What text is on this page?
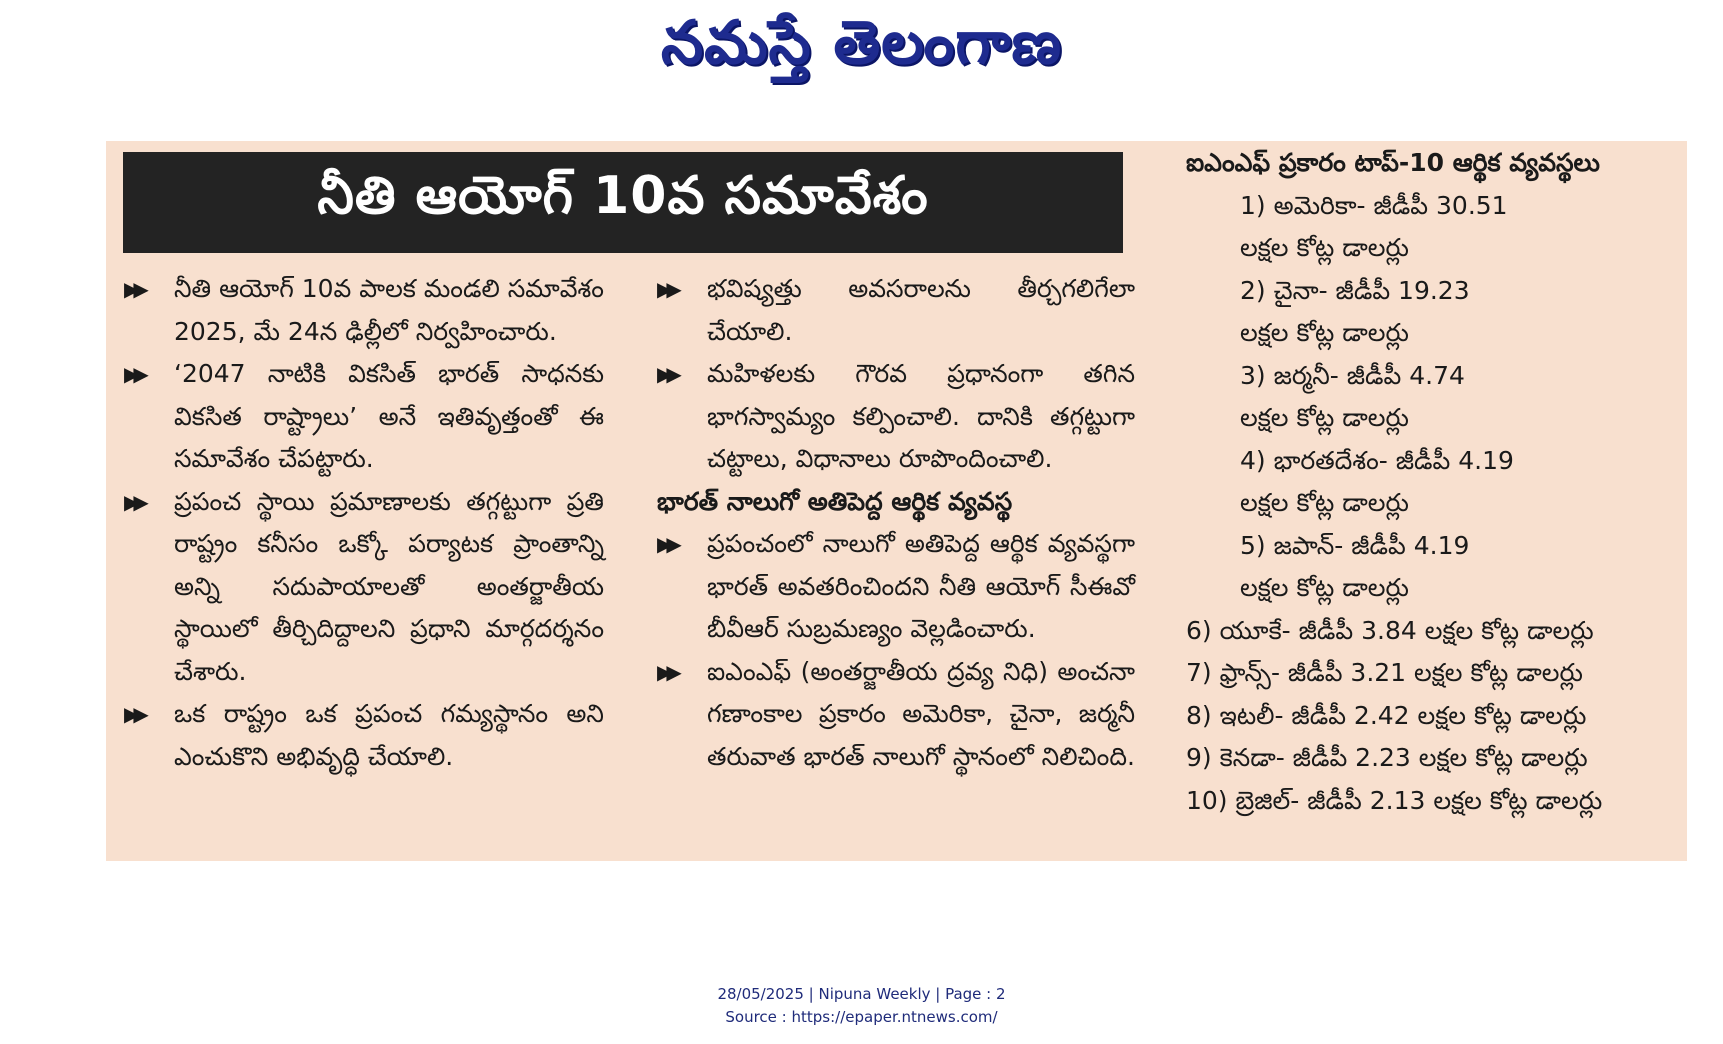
నమస్తే తెలంగాణ
నీతి ఆయోగ్ 10వ సమావేశం
▶▶	నీతి ఆయోగ్ 10వ పాలక మండలి సమావేశం 2025, మే 24న ఢిల్లీలో నిర్వహించారు.
▶▶	‘2047 నాటికి వికసిత్ భారత్ సాధనకు వికసిత రాష్ట్రాలు’ అనే ఇతివృత్తంతో ఈ సమావేశం చేపట్టారు.
▶▶	ప్రపంచ స్థాయి ప్రమాణాలకు తగ్గట్టుగా ప్రతి రాష్ట్రం కనీసం ఒక్కో పర్యాటక ప్రాంతాన్ని అన్ని సదుపాయాలతో అంతర్జాతీయ స్థాయిలో తీర్చిదిద్దాలని ప్రధాని మార్గదర్శనం చేశారు.
▶▶	ఒక రాష్ట్రం ఒక ప్రపంచ గమ్యస్థానం అని ఎంచుకొని అభివృద్ధి చేయాలి.
▶▶	భవిష్యత్తు అవసరాలను తీర్చగలిగేలా చేయాలి.
▶▶	మహిళలకు గౌరవ ప్రధానంగా తగిన భాగస్వామ్యం కల్పించాలి. దానికి తగ్గట్టుగా చట్టాలు, విధానాలు రూపొందించాలి.
భారత్ నాలుగో అతిపెద్ద ఆర్థిక వ్యవస్థ
▶▶	ప్రపంచంలో నాలుగో అతిపెద్ద ఆర్థిక వ్యవస్థగా భారత్ అవతరించిందని నీతి ఆయోగ్ సీఈవో బీవీఆర్ సుబ్రమణ్యం వెల్లడించారు.
▶▶	ఐఎంఎఫ్ (అంతర్జాతీయ ద్రవ్య నిధి) అంచనా గణాంకాల ప్రకారం అమెరికా, చైనా, జర్మనీ తరువాత భారత్ నాలుగో స్థానంలో నిలిచింది.
ఐఎంఎఫ్ ప్రకారం టాప్-10 ఆర్థిక వ్యవస్థలు
1) అమెరికా- జీడీపీ 30.51
లక్షల కోట్ల డాలర్లు
2) చైనా- జీడీపీ 19.23
లక్షల కోట్ల డాలర్లు
3) జర్మనీ- జీడీపీ 4.74
లక్షల కోట్ల డాలర్లు
4) భారతదేశం- జీడీపీ 4.19
లక్షల కోట్ల డాలర్లు
5) జపాన్- జీడీపీ 4.19
లక్షల కోట్ల డాలర్లు
6) యూకే- జీడీపీ 3.84 లక్షల కోట్ల డాలర్లు
7) ఫ్రాన్స్- జీడీపీ 3.21 లక్షల కోట్ల డాలర్లు
8) ఇటలీ- జీడీపీ 2.42 లక్షల కోట్ల డాలర్లు
9) కెనడా- జీడీపీ 2.23 లక్షల కోట్ల డాలర్లు
10) బ్రెజిల్- జీడీపీ 2.13 లక్షల కోట్ల డాలర్లు
28/05/2025 | Nipuna Weekly | Page : 2
Source : https://epaper.ntnews.com/
